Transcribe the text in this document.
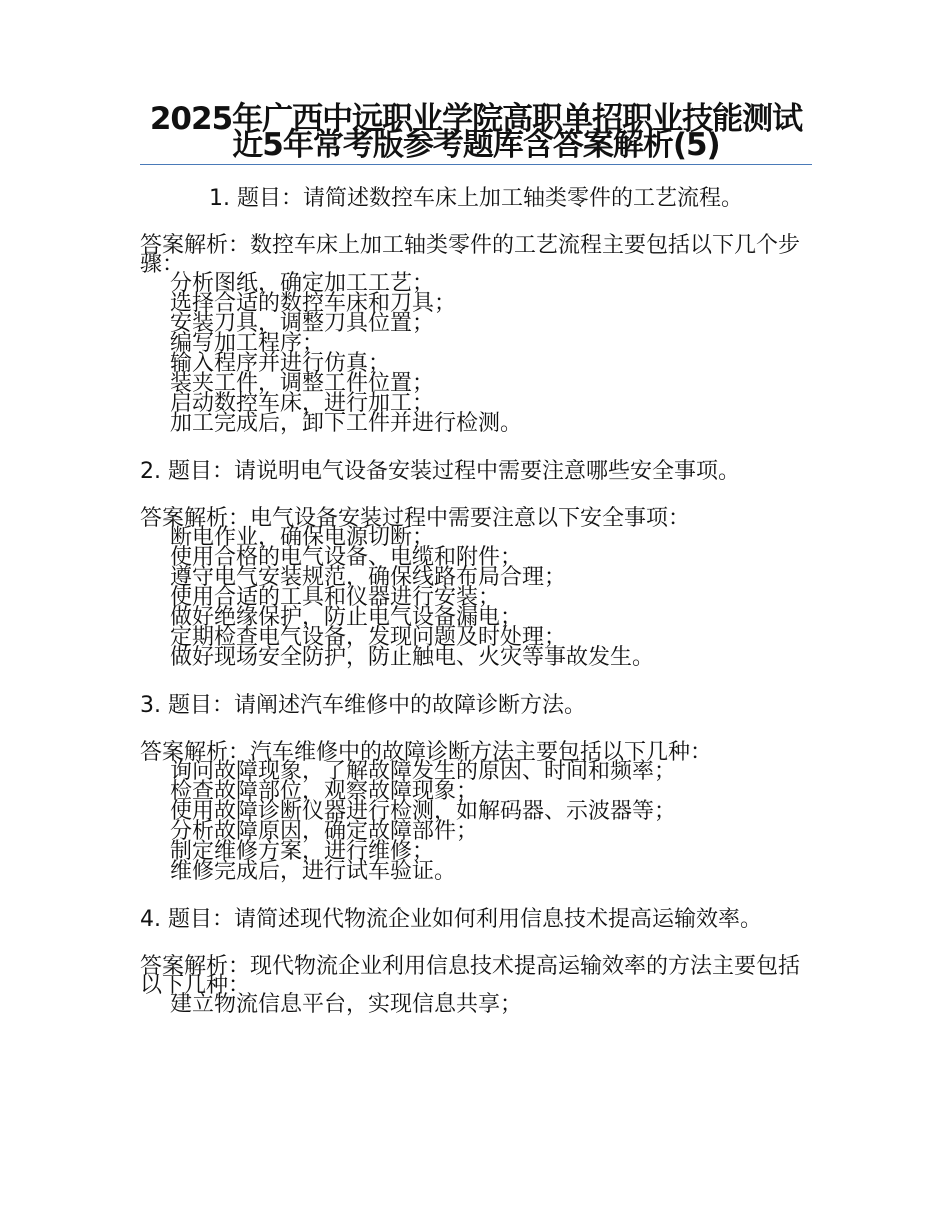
2025年广西中远职业学院高职单招职业技能测试近5年常考版参考题库含答案解析(5)

1. 题目：请简述数控车床上加工轴类零件的工艺流程。

答案解析：数控车床上加工轴类零件的工艺流程主要包括以下几个步骤：

分析图纸，确定加工工艺；
选择合适的数控车床和刀具；
安装刀具，调整刀具位置；
编写加工程序；
输入程序并进行仿真；
装夹工件，调整工件位置；
启动数控车床，进行加工；
加工完成后，卸下工件并进行检测。

2. 题目：请说明电气设备安装过程中需要注意哪些安全事项。

答案解析：电气设备安装过程中需要注意以下安全事项：

断电作业，确保电源切断；
使用合格的电气设备、电缆和附件；
遵守电气安装规范，确保线路布局合理；
使用合适的工具和仪器进行安装；
做好绝缘保护，防止电气设备漏电；
定期检查电气设备，发现问题及时处理；
做好现场安全防护，防止触电、火灾等事故发生。

3. 题目：请阐述汽车维修中的故障诊断方法。

答案解析：汽车维修中的故障诊断方法主要包括以下几种：

询问故障现象，了解故障发生的原因、时间和频率；
检查故障部位，观察故障现象；
使用故障诊断仪器进行检测，如解码器、示波器等；
分析故障原因，确定故障部件；
制定维修方案，进行维修；
维修完成后，进行试车验证。

4. 题目：请简述现代物流企业如何利用信息技术提高运输效率。

答案解析：现代物流企业利用信息技术提高运输效率的方法主要包括以下几种：

建立物流信息平台，实现信息共享；
